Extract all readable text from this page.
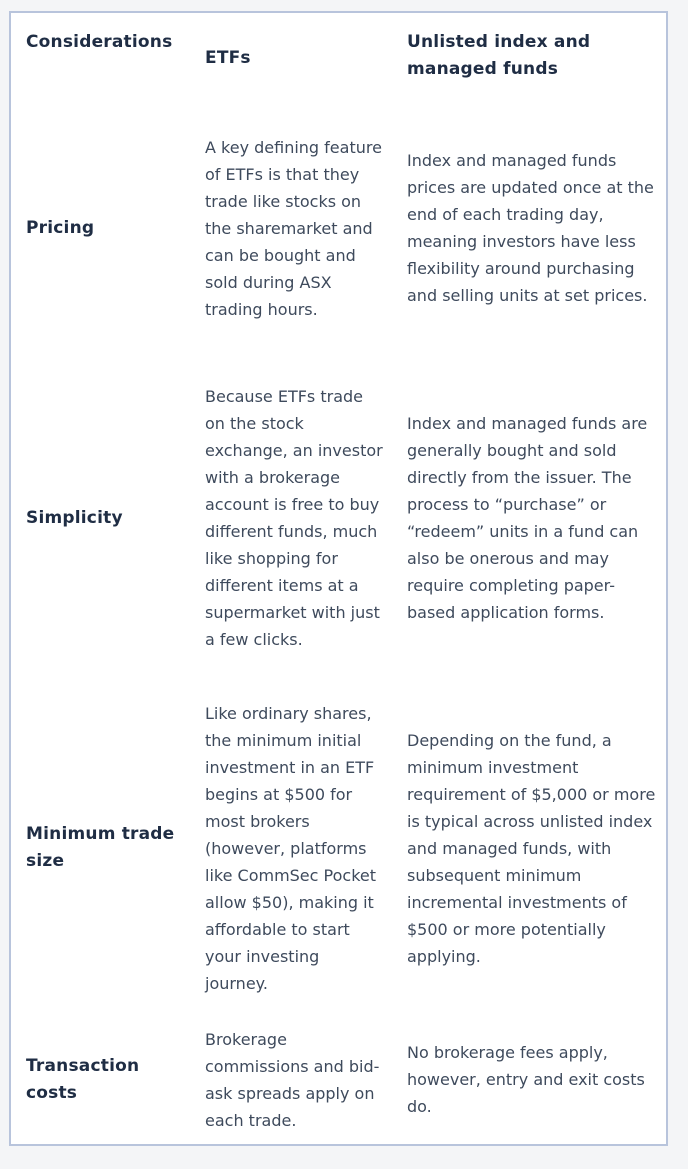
Considerations	ETFs	Unlisted index and managed funds
Pricing	A key defining feature of ETFs is that they trade like stocks on the sharemarket and can be bought and sold during ASX trading hours.	Index and managed funds prices are updated once at the end of each trading day, meaning investors have less flexibility around purchasing and selling units at set prices.
Simplicity	Because ETFs trade on the stock exchange, an investor with a brokerage account is free to buy different funds, much like shopping for different items at a supermarket with just a few clicks.	Index and managed funds are generally bought and sold directly from the issuer. The process to “purchase” or “redeem” units in a fund can also be onerous and may require completing paper-based application forms.
Minimum trade size	Like ordinary shares, the minimum initial investment in an ETF begins at $500 for most brokers (however, platforms like CommSec Pocket allow $50), making it affordable to start your investing journey.	Depending on the fund, a minimum investment requirement of $5,000 or more is typical across unlisted index and managed funds, with subsequent minimum incremental investments of $500 or more potentially applying.
Transaction costs	Brokerage commissions and bid-ask spreads apply on each trade.	No brokerage fees apply, however, entry and exit costs do.
